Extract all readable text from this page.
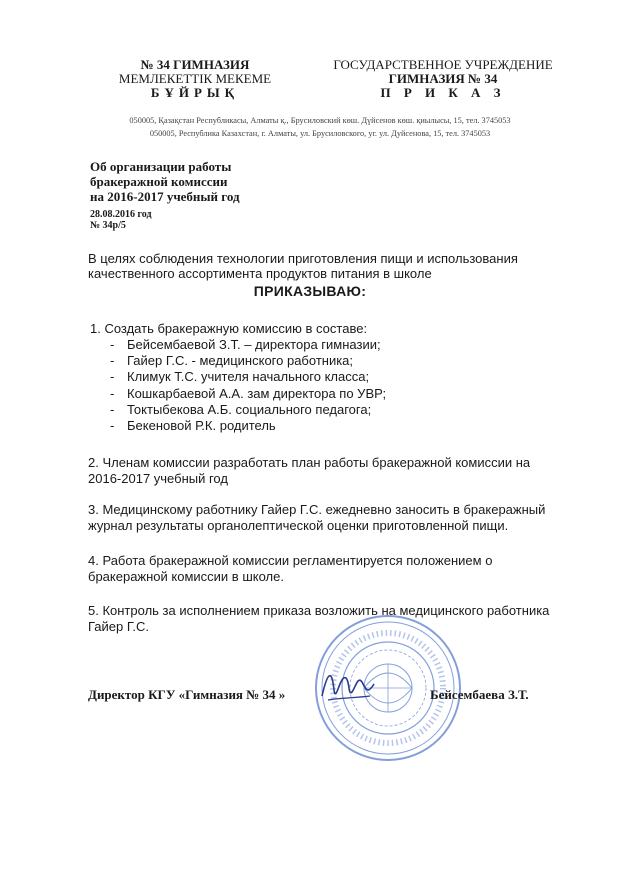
№ 34 ГИМНАЗИЯ
МЕМЛЕКЕТТІК МЕКЕМЕ
БҰЙРЫҚ
ГОСУДАРСТВЕННОЕ УЧРЕЖДЕНИЕ
ГИМНАЗИЯ № 34
П Р И К А З
050005, Қазақстан Республикасы, Алматы қ., Бруcиловский көш. Дүйсенов көш. қиылысы, 15, тел. 3745053
050005, Республика Казахстан, г. Алматы, ул. Брусиловского, уг. ул. Дуйсенова, 15, тел. 3745053
Об организации работы
бракеражной комиссии
на 2016-2017 учебный год
28.08.2016 год
№ 34р/5
В целях соблюдения технологии приготовления пищи и использования качественного ассортимента продуктов питания в школе
ПРИКАЗЫВАЮ:
1. Создать бракеражную комиссию в составе:
- Бейсембаевой З.Т. – директора гимназии;
- Гайер Г.С. - медицинского работника;
- Климук Т.С. учителя начального класса;
- Кошкарбаевой А.А. зам директора по УВР;
- Токтыбекова А.Б. социального педагога;
- Бекеновой Р.К. родитель
2. Членам комиссии разработать план работы бракеражной комиссии на 2016-2017 учебный год
3. Медицинскому работнику Гайер Г.С. ежедневно заносить в бракеражный журнал результаты органолептической оценки приготовленной пищи.
4. Работа бракеражной комиссии регламентируется положением о бракеражной комиссии в школе.
5. Контроль за исполнением приказа возложить на медицинского работника Гайер Г.С.
Директор КГУ «Гимназия № 34 »	Бейсембаева З.Т.
